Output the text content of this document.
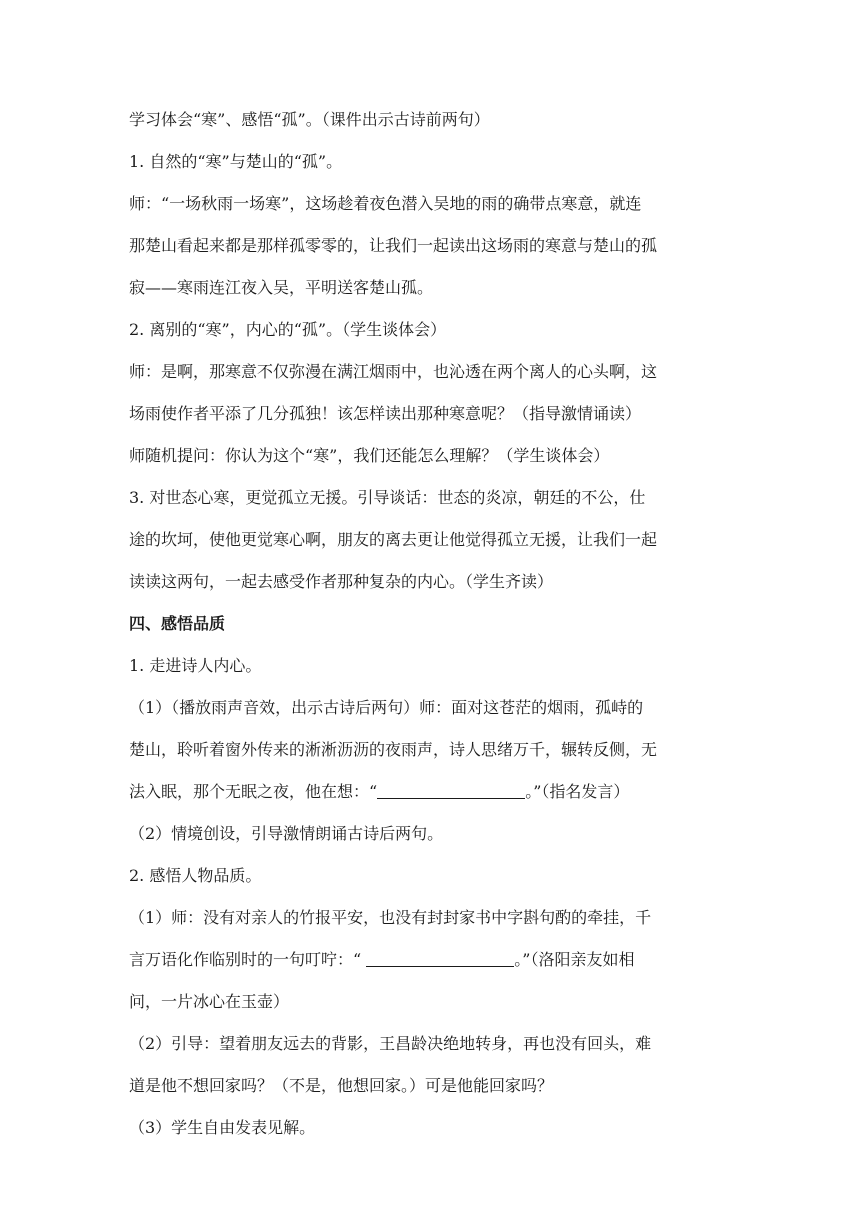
学习体会“寒”、感悟“孤”。（课件出示古诗前两句）
1. 自然的“寒”与楚山的“孤”。
师：“一场秋雨一场寒”，这场趁着夜色潜入吴地的雨的确带点寒意，就连
那楚山看起来都是那样孤零零的，让我们一起读出这场雨的寒意与楚山的孤
寂——寒雨连江夜入吴，平明送客楚山孤。
2. 离别的“寒”，内心的“孤”。（学生谈体会）
师：是啊，那寒意不仅弥漫在满江烟雨中，也沁透在两个离人的心头啊，这
场雨使作者平添了几分孤独！该怎样读出那种寒意呢？（指导激情诵读）
师随机提问：你认为这个“寒”，我们还能怎么理解？（学生谈体会）
3. 对世态心寒，更觉孤立无援。引导谈话：世态的炎凉，朝廷的不公，仕
途的坎坷，使他更觉寒心啊，朋友的离去更让他觉得孤立无援，让我们一起
读读这两句，一起去感受作者那种复杂的内心。（学生齐读）
四、感悟品质
1. 走进诗人内心。
（1）（播放雨声音效，出示古诗后两句）师：面对这苍茫的烟雨，孤峙的
楚山，聆听着窗外传来的淅淅沥沥的夜雨声，诗人思绪万千，辗转反侧，无
法入眠，那个无眠之夜，他在想：“	。”（指名发言）
（2）情境创设，引导激情朗诵古诗后两句。
2. 感悟人物品质。
（1）师：没有对亲人的竹报平安，也没有封封家书中字斟句酌的牵挂，千
言万语化作临别时的一句叮咛：“	。”（洛阳亲友如相
问，一片冰心在玉壶）
（2）引导：望着朋友远去的背影，王昌龄决绝地转身，再也没有回头，难
道是他不想回家吗？（不是，他想回家。）可是他能回家吗？
（3）学生自由发表见解。
